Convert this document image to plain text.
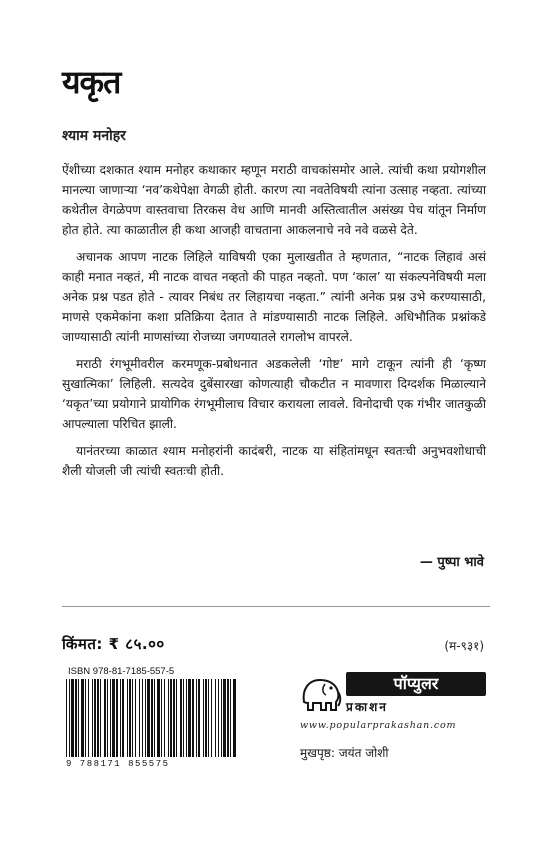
यकृत
श्याम मनोहर

ऐंशीच्या दशकात श्याम मनोहर कथाकार म्हणून मराठी वाचकांसमोर आले. त्यांची कथा प्रयोगशील मानल्या जाणाऱ्या ‘नव’कथेपेक्षा वेगळी होती. कारण त्या नवतेविषयी त्यांना उत्साह नव्हता. त्यांच्या कथेतील वेगळेपण वास्तवाचा तिरकस वेध आणि मानवी अस्तित्वातील असंख्य पेच यांतून निर्माण होत होते. त्या काळातील ही कथा आजही वाचताना आकलनाचे नवे नवे वळसे देते.

अचानक आपण नाटक लिहिले याविषयी एका मुलाखतीत ते म्हणतात, “नाटक लिहावं असं काही मनात नव्हतं, मी नाटक वाचत नव्हतो की पाहत नव्हतो. पण ‘काल’ या संकल्पनेविषयी मला अनेक प्रश्न पडत होते - त्यावर निबंध तर लिहायचा नव्हता.” त्यांनी अनेक प्रश्न उभे करण्यासाठी, माणसे एकमेकांना कशा प्रतिक्रिया देतात ते मांडण्यासाठी नाटक लिहिले. अधिभौतिक प्रश्नांकडे जाण्यासाठी त्यांनी माणसांच्या रोजच्या जगण्यातले रागलोभ वापरले.

मराठी रंगभूमीवरील करमणूक-प्रबोधनात अडकलेली ‘गोष्ट’ मागे टाकून त्यांनी ही ‘कृष्ण सुखात्मिका’ लिहिली. सत्यदेव दुबेंसारखा कोणत्याही चौकटीत न मावणारा दिग्दर्शक मिळाल्याने ‘यकृत’च्या प्रयोगाने प्रायोगिक रंगभूमीलाच विचार करायला लावले. विनोदाची एक गंभीर जातकुळी आपल्याला परिचित झाली.

यानंतरच्या काळात श्याम मनोहरांनी कादंबरी, नाटक या संहितांमधून स्वतःची अनुभवशोधाची शैली योजली जी त्यांची स्वतःची होती.

— पुष्पा भावे
किंमत: ₹ ८५.००	(म-९३१)
ISBN 978-81-7185-557-5
9 788171 855575
पॉप्युलर
प्रकाशन
www.popularprakashan.com
मुखपृष्ठ: जयंत जोशी
